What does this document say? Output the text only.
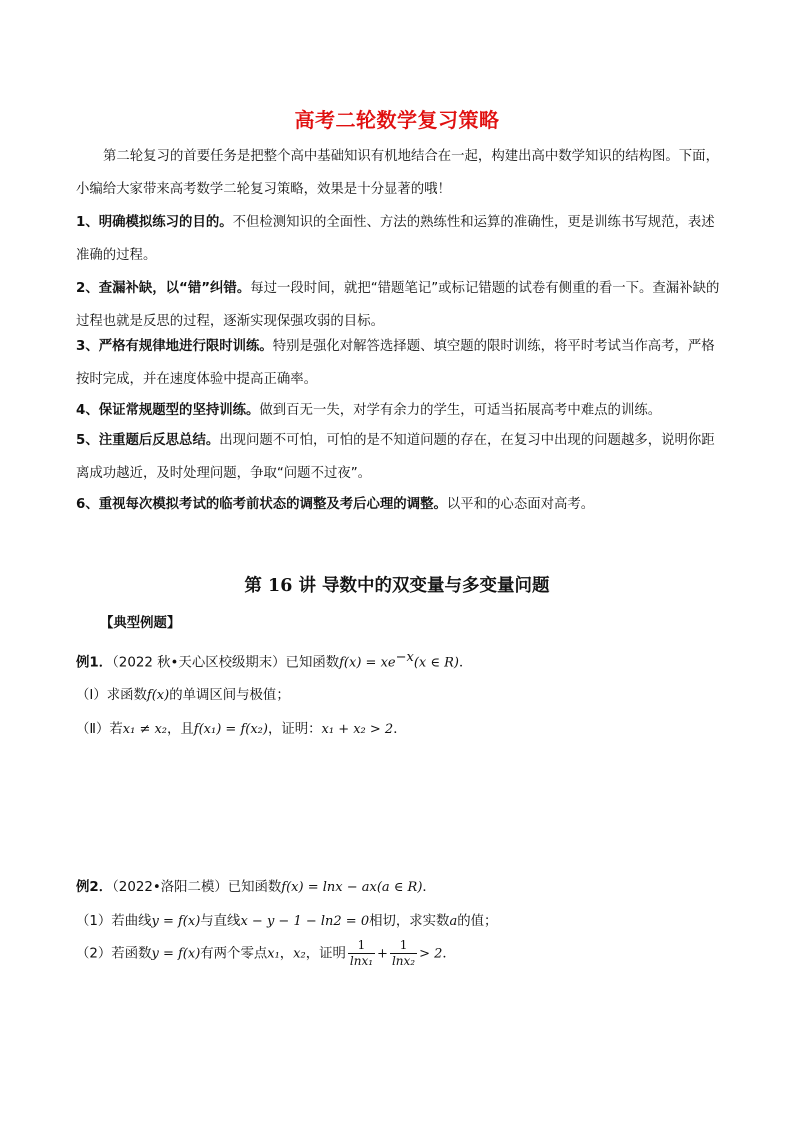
高考二轮数学复习策略

第二轮复习的首要任务是把整个高中基础知识有机地结合在一起，构建出高中数学知识的结构图。下面，小编给大家带来高考数学二轮复习策略，效果是十分显著的哦！

1、明确模拟练习的目的。不但检测知识的全面性、方法的熟练性和运算的准确性，更是训练书写规范，表述准确的过程。

2、查漏补缺，以“错”纠错。每过一段时间，就把“错题笔记”或标记错题的试卷有侧重的看一下。查漏补缺的过程也就是反思的过程，逐渐实现保强攻弱的目标。

3、严格有规律地进行限时训练。特别是强化对解答选择题、填空题的限时训练，将平时考试当作高考，严格按时完成，并在速度体验中提高正确率。

4、保证常规题型的坚持训练。做到百无一失，对学有余力的学生，可适当拓展高考中难点的训练。

5、注重题后反思总结。出现问题不可怕，可怕的是不知道问题的存在，在复习中出现的问题越多，说明你距离成功越近，及时处理问题，争取“问题不过夜”。

6、重视每次模拟考试的临考前状态的调整及考后心理的调整。以平和的心态面对高考。

第 16 讲 导数中的双变量与多变量问题

【典型例题】

例1．（2022 秋•天心区校级期末）已知函数$f(x) = xe^{-x}(x$ ∈ R)．

（Ⅰ）求函数f(x)的单调区间与极值；

（Ⅱ）若x₁ ≠ x₂，且f(x₁) = f(x₂)，证明：x₁ + x₂ > 2．

例2．（2022•洛阳二模）已知函数f(x) = lnx − ax(a ∈ R)．

（1）若曲线y = f(x)与直线x − y − 1 − ln2 = 0相切，求实数a的值；

（2）若函数y = f(x)有两个零点x₁，x₂，证明 $\frac{1}{\text{lnx₁}} + \frac{1}{\text{lnx₂}} > 2$．
